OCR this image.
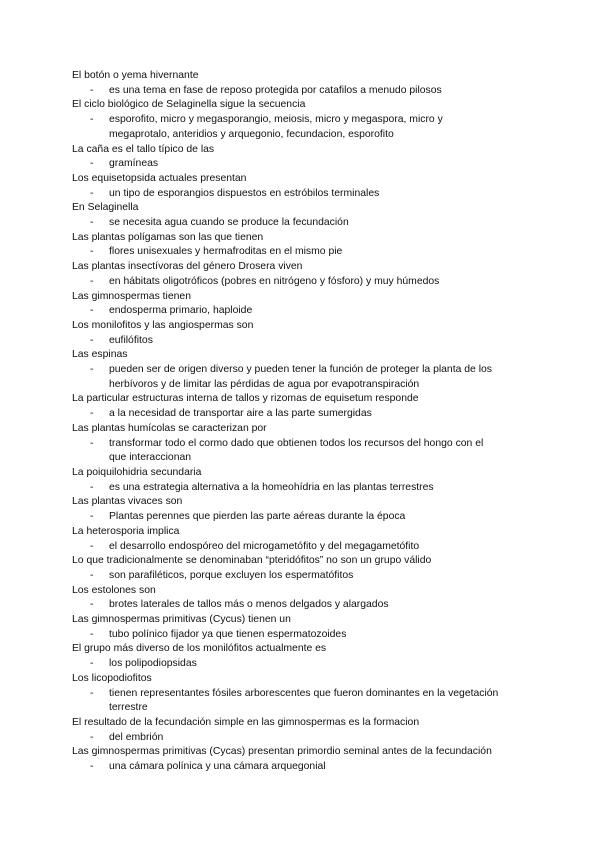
El botón o yema hivernante

- es una tema en fase de reposo protegida por catafilos a menudo pilosos

El ciclo biológico de Selaginella sigue la secuencia

- esporofito, micro y megasporangio, meiosis, micro y megaspora, micro y

megaprotalo, anteridios y arquegonio, fecundacion, esporofito

La caña es el tallo típico de las

- gramíneas

Los equisetopsida actuales presentan

- un tipo de esporangios dispuestos en estróbilos terminales

En Selaginella

- se necesita agua cuando se produce la fecundación

Las plantas polígamas son las que tienen

- flores unisexuales y hermafroditas en el mismo pie

Las plantas insectívoras del género Drosera viven

- en hábitats oligotróficos (pobres en nitrógeno y fósforo) y muy húmedos

Las gimnospermas tienen

- endosperma primario, haploide

Los monilofitos y las angiospermas son

- eufilófitos

Las espinas

- pueden ser de origen diverso y pueden tener la función de proteger la planta de los

herbívoros y de limitar las pérdidas de agua por evapotranspiración

La particular estructuras interna de tallos y rizomas de equisetum responde

- a la necesidad de transportar aire a las parte sumergidas

Las plantas humícolas se caracterizan por

- transformar todo el cormo dado que obtienen todos los recursos del hongo con el

que interaccionan

La poiquilohidria secundaria

- es una estrategia alternativa a la homeohídria en las plantas terrestres

Las plantas vivaces son

- Plantas perennes que pierden las parte aéreas durante la época

La heterosporia implica

- el desarrollo endospóreo del microgametófito y del megagametófito

Lo que tradicionalmente se denominaban “pteridófitos” no son un grupo válido

- son parafiléticos, porque excluyen los espermatófitos

Los estolones son

- brotes laterales de tallos más o menos delgados y alargados

Las gimnospermas primitivas (Cycus) tienen un

- tubo polínico fijador ya que tienen espermatozoides

El grupo más diverso de los monilófitos actualmente es

- los polipodiopsidas

Los licopodiofitos

- tienen representantes fósiles arborescentes que fueron dominantes en la vegetación

terrestre

El resultado de la fecundación simple en las gimnospermas es la formacion

- del embrión

Las gimnospermas primitivas (Cycas) presentan primordio seminal antes de la fecundación

- una cámara polínica y una cámara arquegonial
